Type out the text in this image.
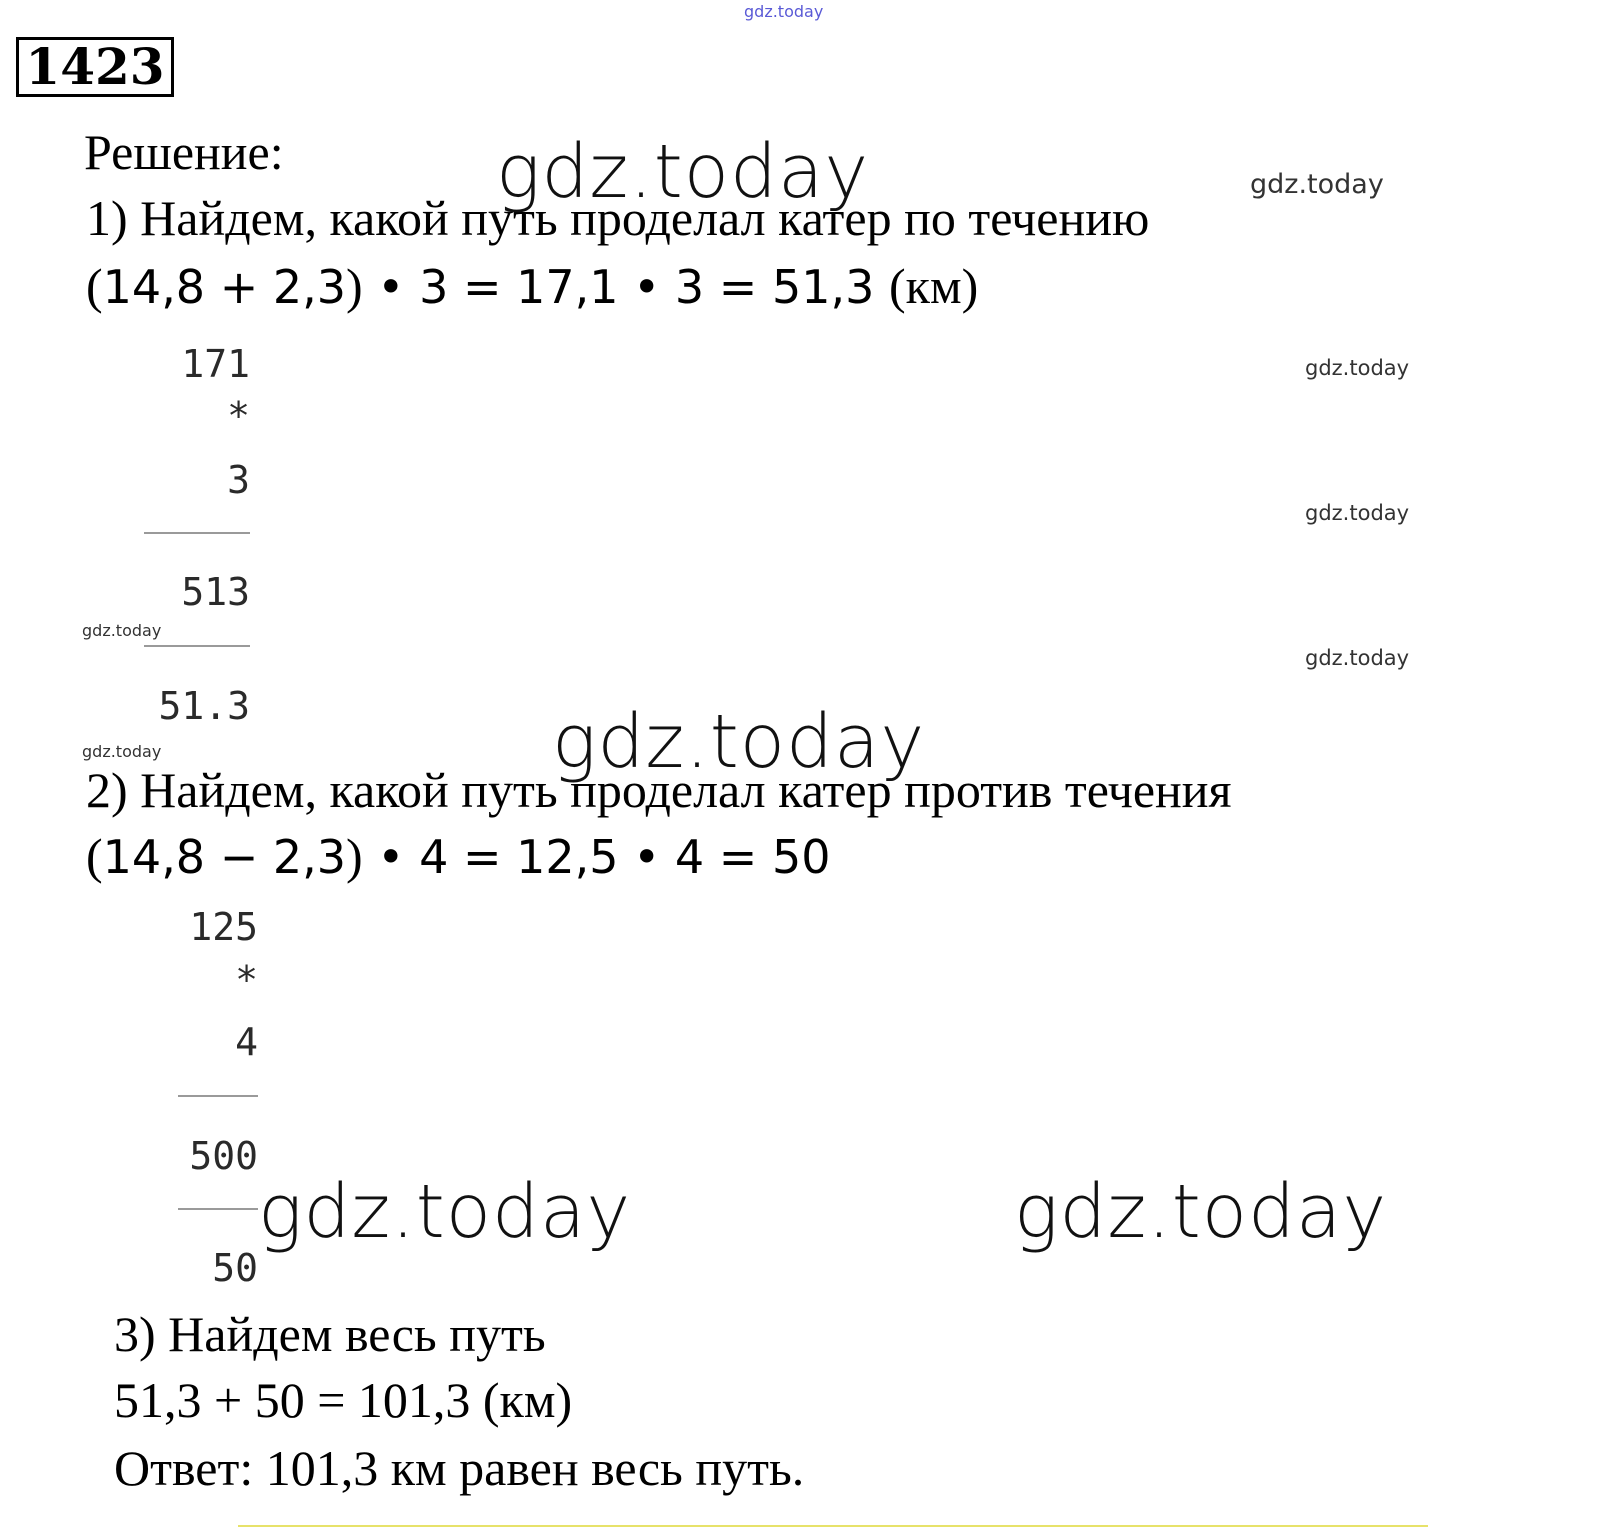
gdz.today
1423
Решение:
1) Найдем, какой путь проделал катер по течению
(14,8 + 2,3) • 3 = 17,1 • 3 = 51,3 (км)
171
*
3
513
51.3
2) Найдем, какой путь проделал катер против течения
(14,8 − 2,3) • 4 = 12,5 • 4 = 50
125
*
4
500
50
3) Найдем весь путь
51,3 + 50 = 101,3 (км)
Ответ: 101,3 км равен весь путь.
gdz.today	gdz.today
gdz.today
gdz.today
gdz.today
gdz.today
gdz.today
gdz.today
gdz.today	gdz.today
